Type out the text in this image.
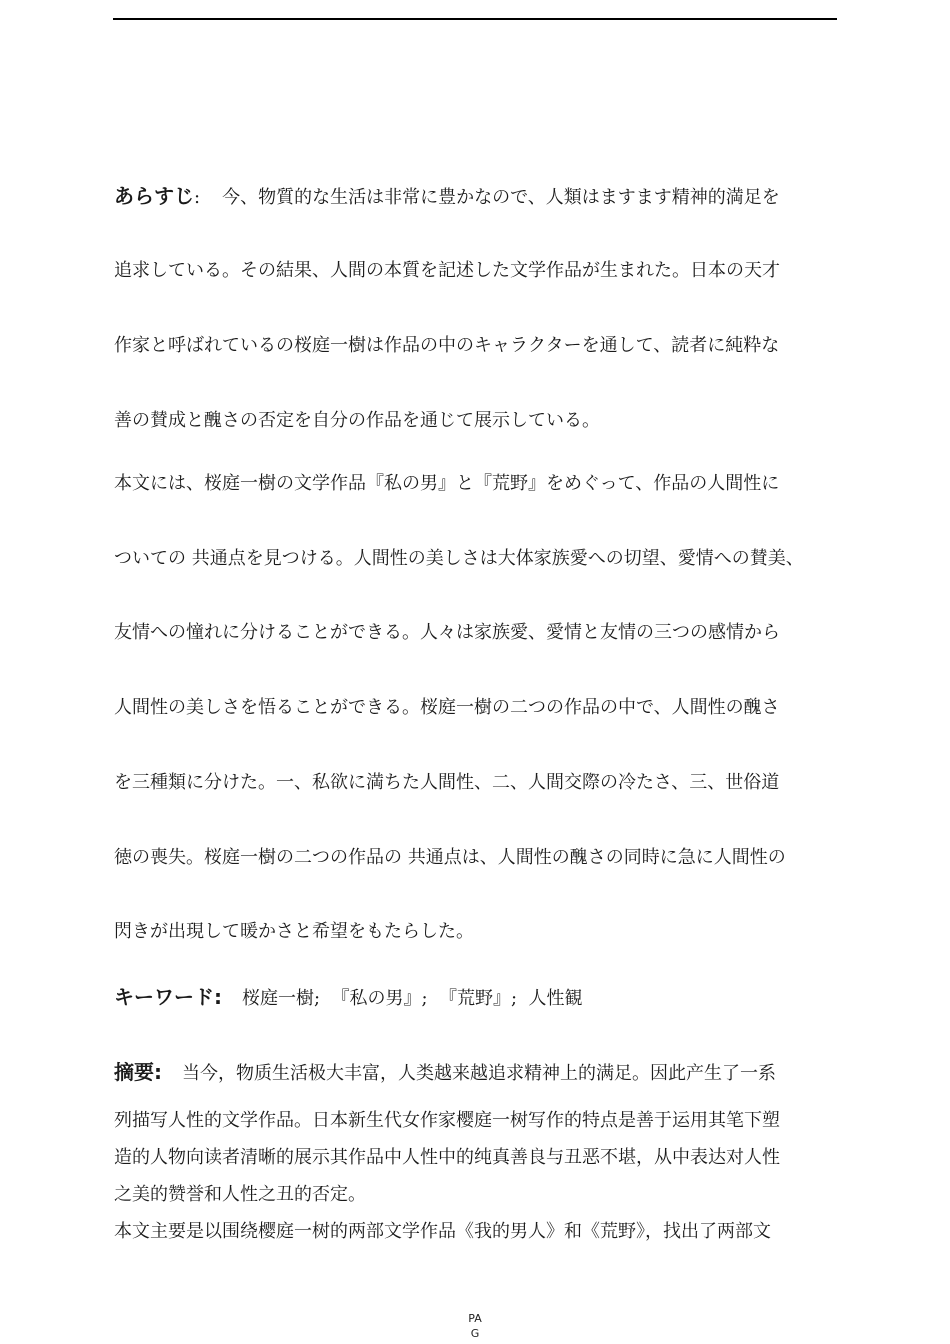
あらすじ: 今、物質的な生活は非常に豊かなので、人類はますます精神的満足を
追求している。その結果、人間の本質を記述した文学作品が生まれた。日本の天才
作家と呼ばれているの桜庭一樹は作品の中のキャラクターを通して、読者に純粋な
善の賛成と醜さの否定を自分の作品を通じて展示している。
本文には、桜庭一樹の文学作品『私の男』と『荒野』をめぐって、作品の人間性に
ついての 共通点を見つける。人間性の美しさは大体家族愛への切望、愛情への賛美、
友情への憧れに分けることができる。人々は家族愛、愛情と友情の三つの感情から
人間性の美しさを悟ることができる。桜庭一樹の二つの作品の中で、人間性の醜さ
を三種類に分けた。一、私欲に満ちた人間性、二、人間交際の冷たさ、三、世俗道
徳の喪失。桜庭一樹の二つの作品の 共通点は、人間性の醜さの同時に急に人間性の
閃きが出現して暖かさと希望をもたらした。
キーワード: 桜庭一樹;  『私の男』;  『荒野』;  人性観
摘要: 当今，物质生活极大丰富，人类越来越追求精神上的满足。因此产生了一系
列描写人性的文学作品。日本新生代女作家樱庭一树写作的特点是善于运用其笔下塑
造的人物向读者清晰的展示其作品中人性中的纯真善良与丑恶不堪，从中表达对人性
之美的赞誉和人性之丑的否定。
本文主要是以围绕樱庭一树的两部文学作品《我的男人》和《荒野》，找出了两部文
PA
G
